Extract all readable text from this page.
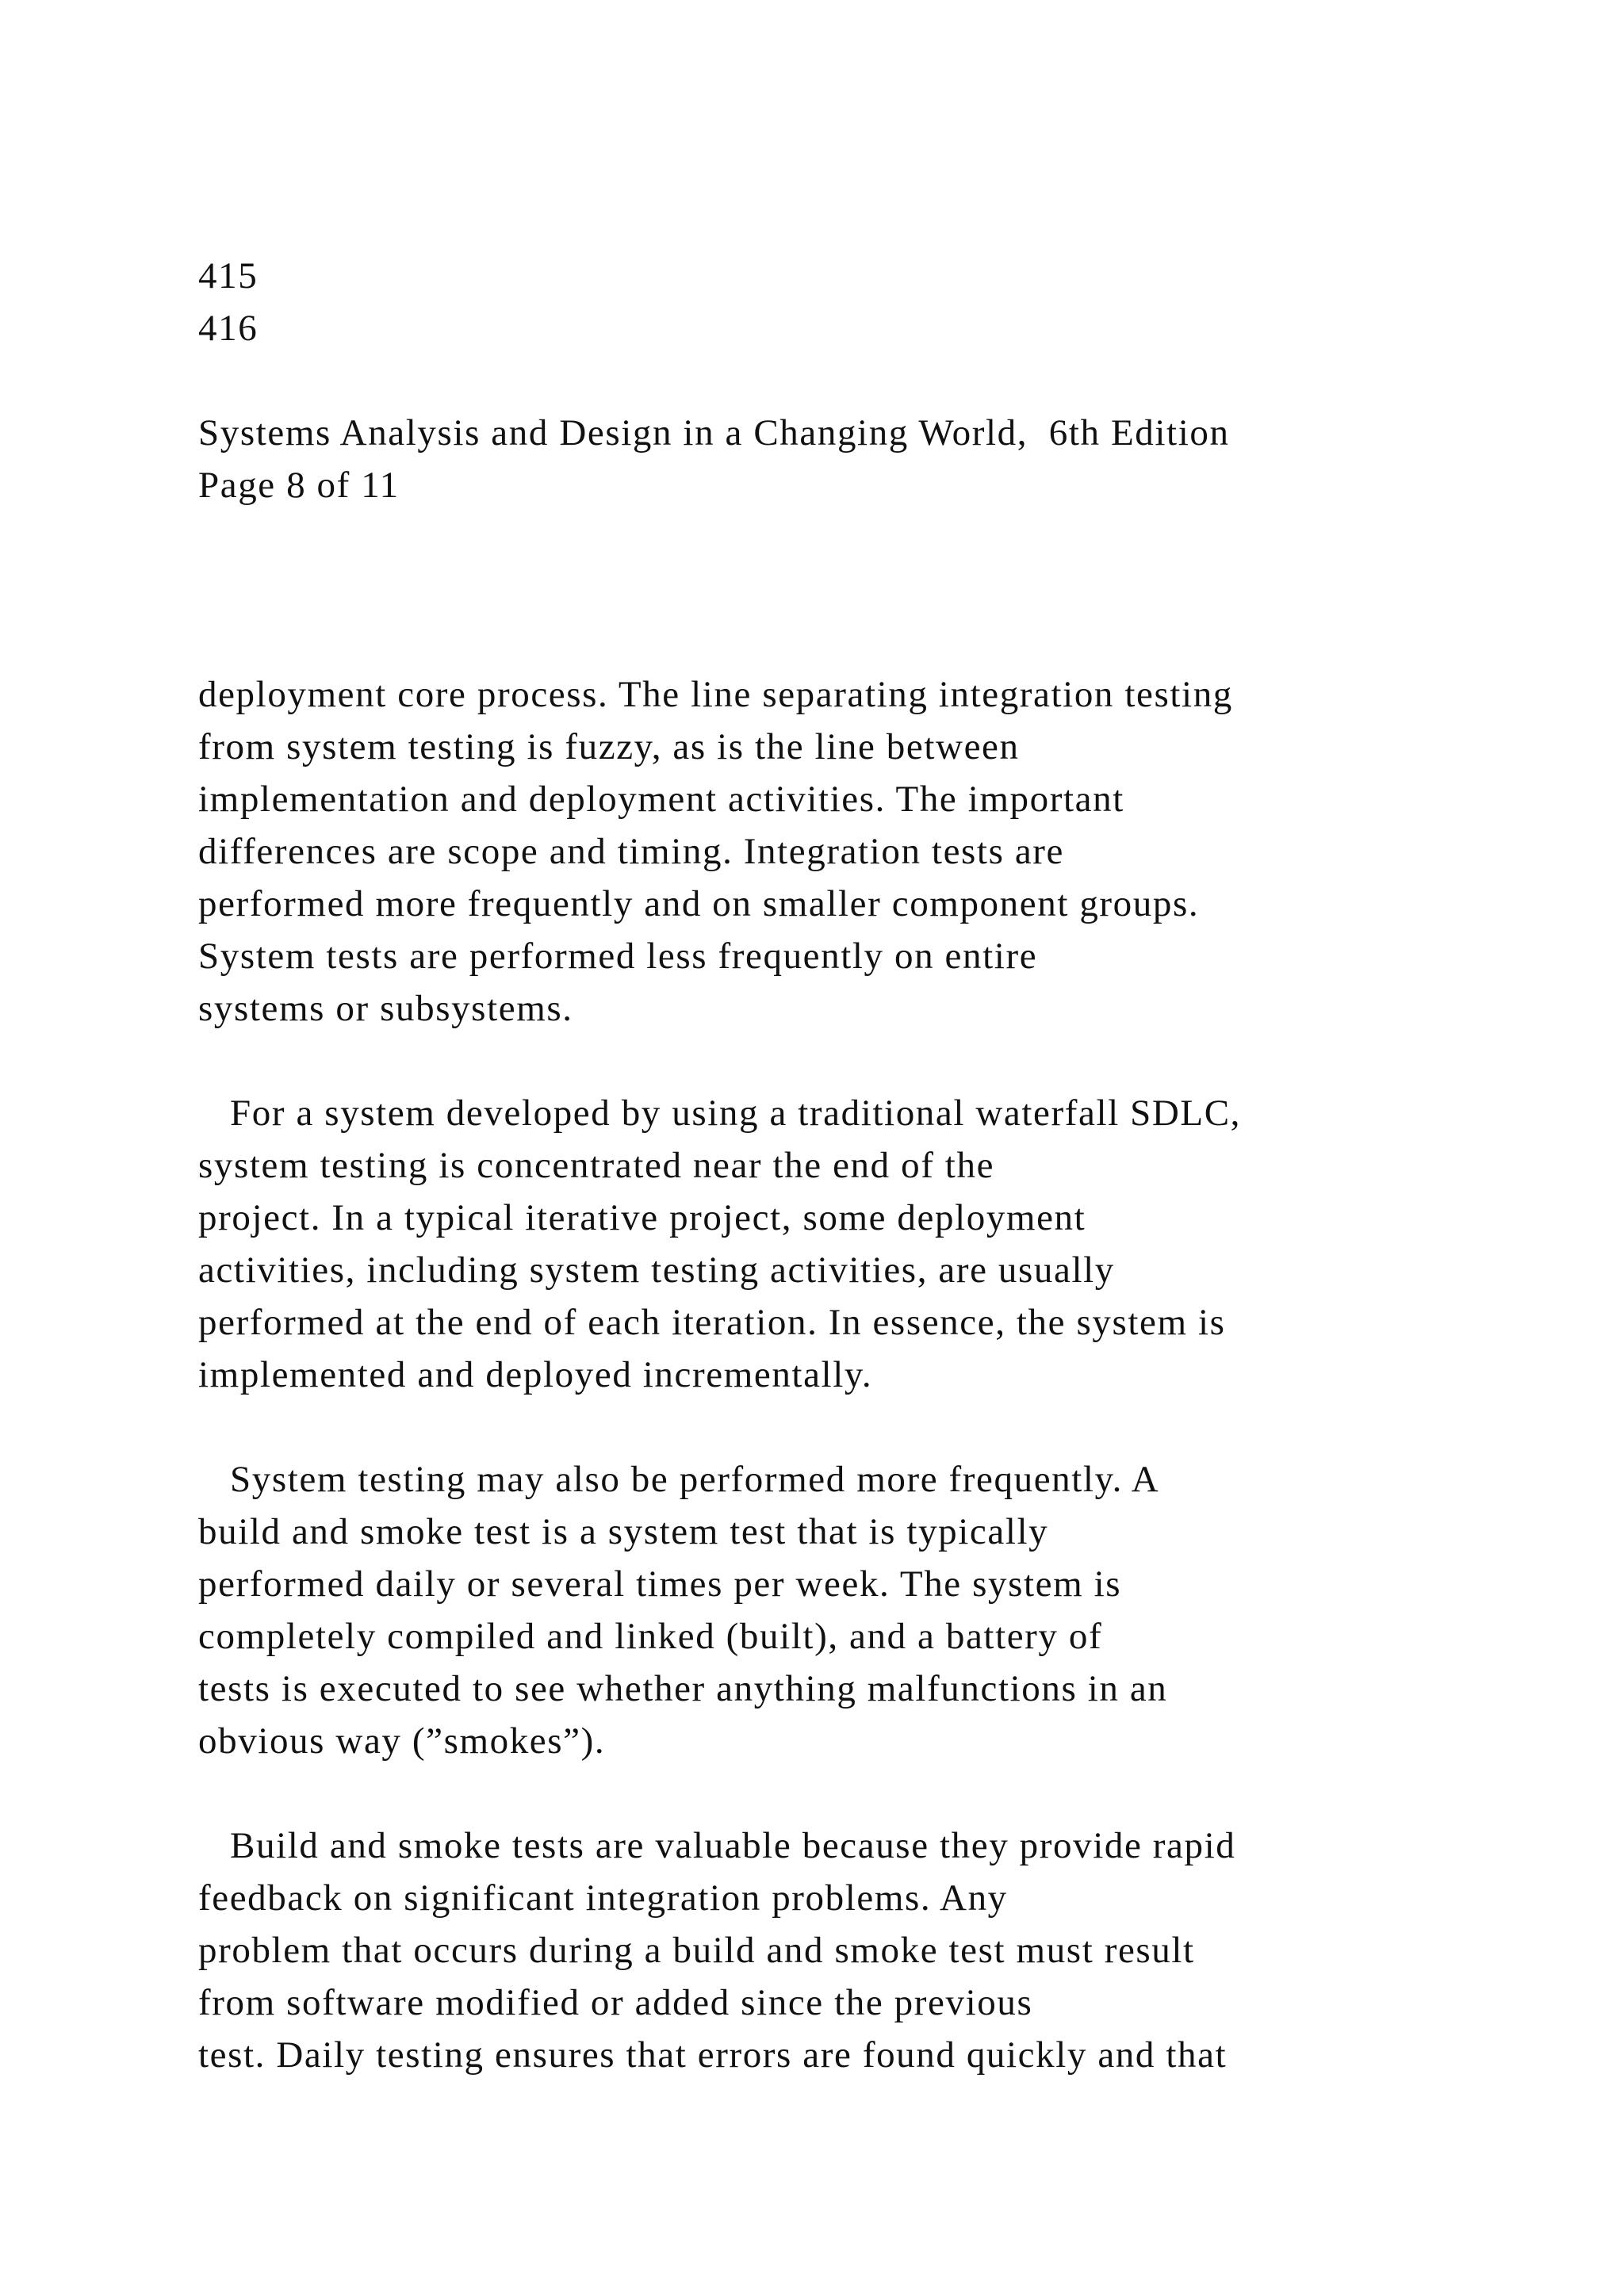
415
416
Systems Analysis and Design in a Changing World,  6th Edition
Page 8 of 11
deployment core process. The line separating integration testing
from system testing is fuzzy, as is the line between
implementation and deployment activities. The important
differences are scope and timing. Integration tests are
performed more frequently and on smaller component groups.
System tests are performed less frequently on entire
systems or subsystems.
For a system developed by using a traditional waterfall SDLC,
system testing is concentrated near the end of the
project. In a typical iterative project, some deployment
activities, including system testing activities, are usually
performed at the end of each iteration. In essence, the system is
implemented and deployed incrementally.
System testing may also be performed more frequently. A
build and smoke test is a system test that is typically
performed daily or several times per week. The system is
completely compiled and linked (built), and a battery of
tests is executed to see whether anything malfunctions in an
obvious way (”smokes”).
Build and smoke tests are valuable because they provide rapid
feedback on significant integration problems. Any
problem that occurs during a build and smoke test must result
from software modified or added since the previous
test. Daily testing ensures that errors are found quickly and that
